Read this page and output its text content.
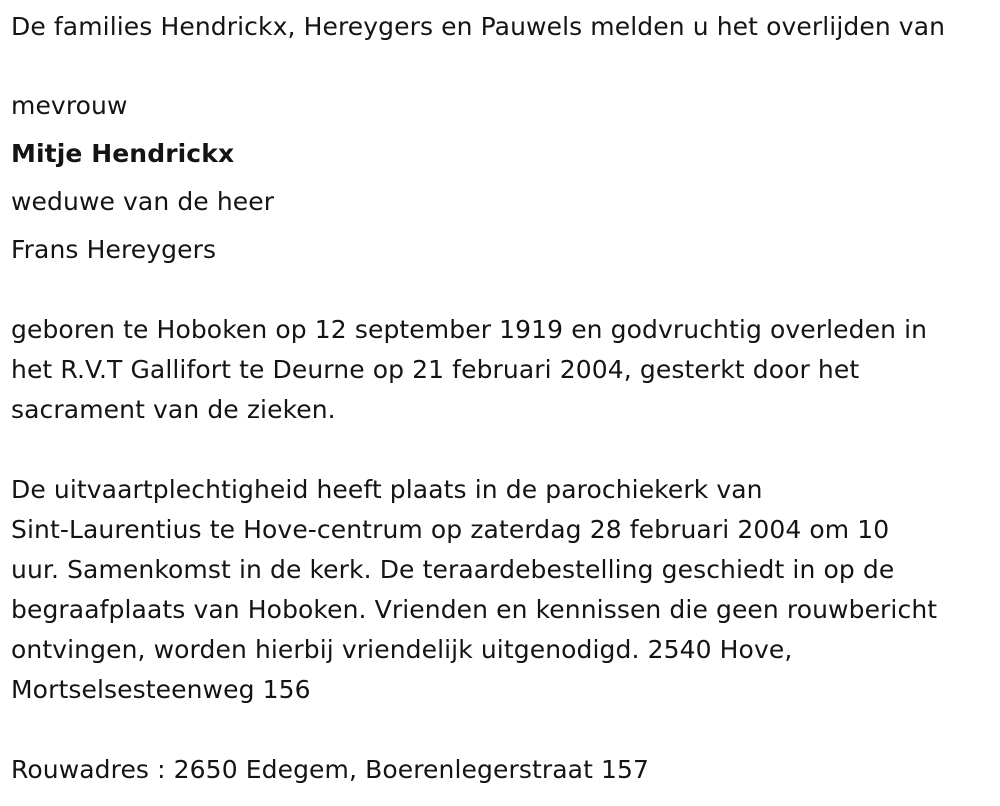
De families Hendrickx, Hereygers en Pauwels melden u het overlijden van
mevrouw
Mitje Hendrickx
weduwe van de heer
Frans Hereygers
geboren te Hoboken op 12 september 1919 en godvruchtig overleden in
het R.V.T Gallifort te Deurne op 21 februari 2004, gesterkt door het
sacrament van de zieken.
De uitvaartplechtigheid heeft plaats in de parochiekerk van
Sint-Laurentius te Hove-centrum op zaterdag 28 februari 2004 om 10
uur. Samenkomst in de kerk. De teraardebestelling geschiedt in op de
begraafplaats van Hoboken. Vrienden en kennissen die geen rouwbericht
ontvingen, worden hierbij vriendelijk uitgenodigd. 2540 Hove,
Mortselsesteenweg 156
Rouwadres : 2650 Edegem, Boerenlegerstraat 157
